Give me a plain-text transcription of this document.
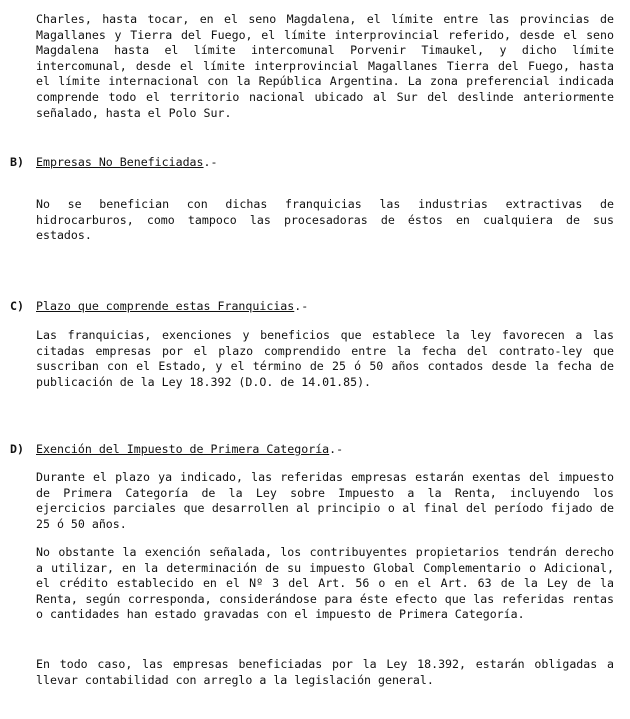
Charles, hasta tocar, en el seno Magdalena, el límite entre las provincias de Magallanes y Tierra del Fuego, el límite interprovincial referido, desde el seno Magdalena hasta el límite intercomunal Porvenir Timaukel, y dicho límite intercomunal, desde el límite interprovincial Magallanes Tierra del Fuego, hasta el límite internacional con la República Argentina. La zona preferencial indicada comprende todo el territorio nacional ubicado al Sur del deslinde anteriormente señalado, hasta el Polo Sur.
B) Empresas No Beneficiadas.-
No se benefician con dichas franquicias las industrias extractivas de hidrocarburos, como tampoco las procesadoras de éstos en cualquiera de sus estados.
C) Plazo que comprende estas Franquicias.-
Las franquicias, exenciones y beneficios que establece la ley favorecen a las citadas empresas por el plazo comprendido entre la fecha del contrato-ley que suscriban con el Estado, y el término de 25 ó 50 años contados desde la fecha de publicación de la Ley 18.392 (D.O. de 14.01.85).
D) Exención del Impuesto de Primera Categoría.-
Durante el plazo ya indicado, las referidas empresas estarán exentas del impuesto de Primera Categoría de la Ley sobre Impuesto a la Renta, incluyendo los ejercicios parciales que desarrollen al principio o al final del período fijado de 25 ó 50 años.
No obstante la exención señalada, los contribuyentes propietarios tendrán derecho a utilizar, en la determinación de su impuesto Global Complementario o Adicional, el crédito establecido en el Nº 3 del Art. 56 o en el Art. 63 de la Ley de la Renta, según corresponda, considerándose para éste efecto que las referidas rentas o cantidades han estado gravadas con el impuesto de Primera Categoría.
En todo caso, las empresas beneficiadas por la Ley 18.392, estarán obligadas a llevar contabilidad con arreglo a la legislación general.
